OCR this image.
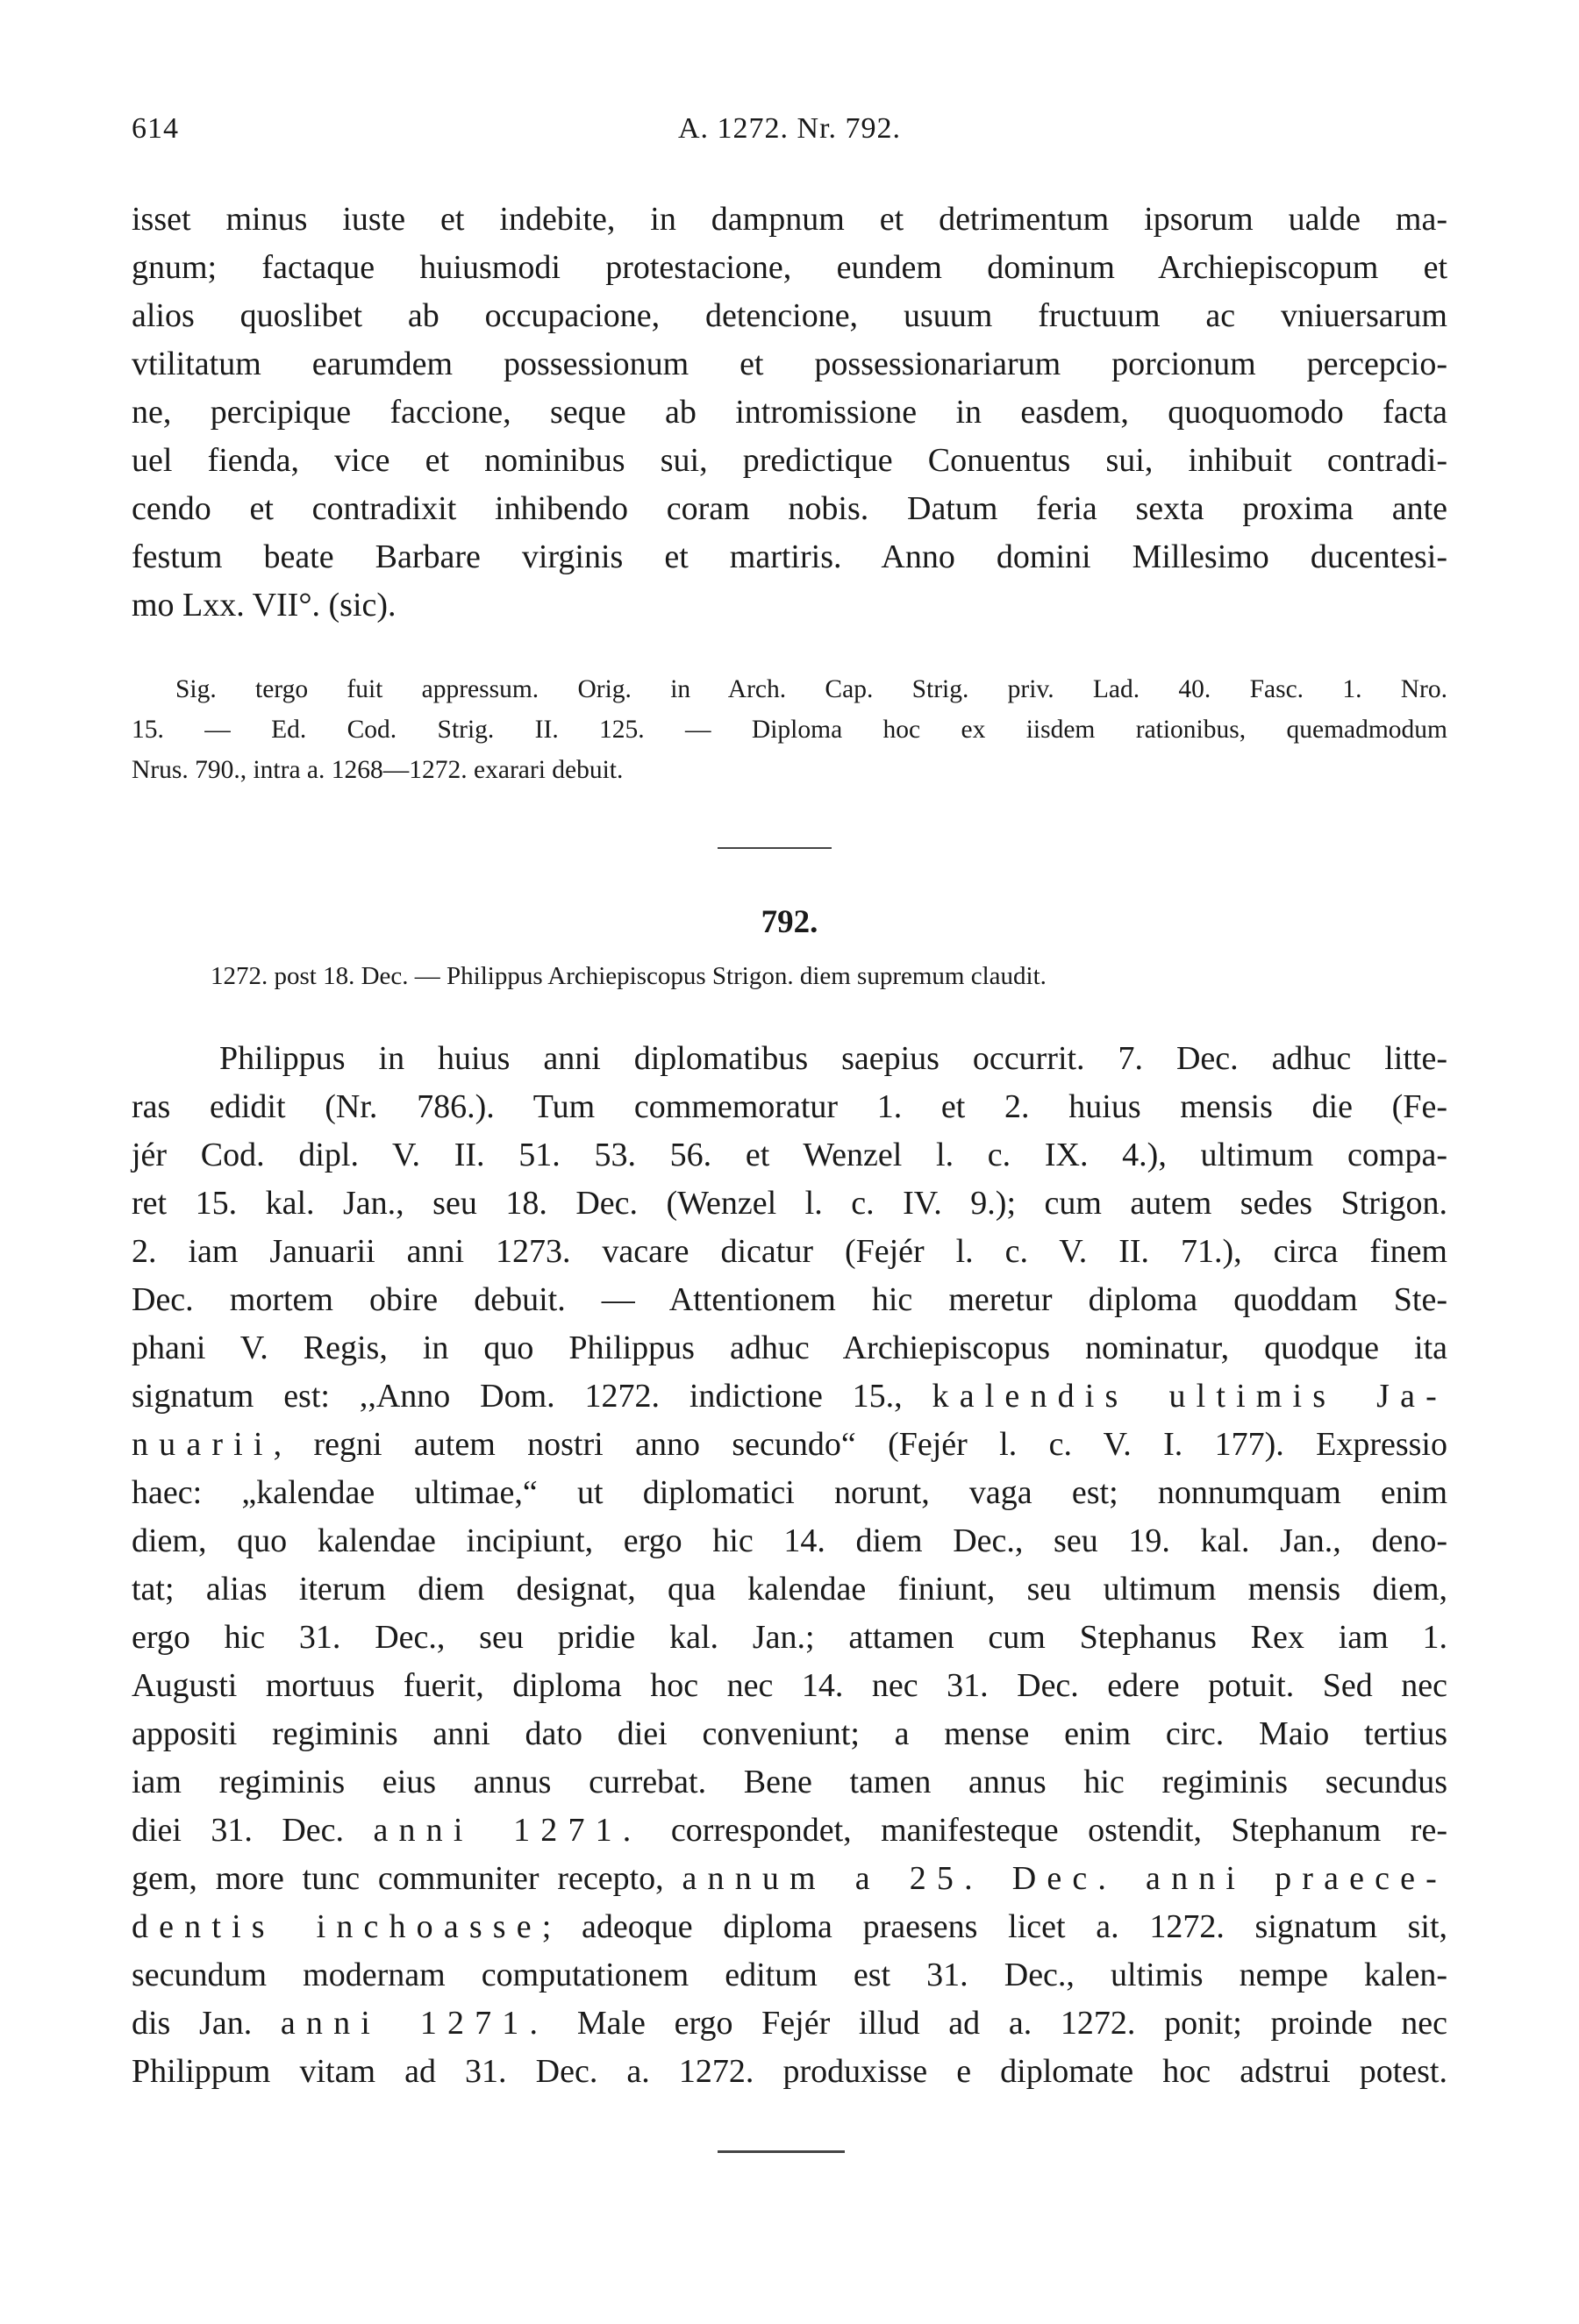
614	A. 1272. Nr. 792.
isset minus iuste et indebite, in dampnum et detrimentum ipsorum ualde ma-
gnum; factaque huiusmodi protestacione, eundem dominum Archiepiscopum et
alios quoslibet ab occupacione, detencione, usuum fructuum ac vniuersarum
vtilitatum earumdem possessionum et possessionariarum porcionum percepcio-
ne, percipique faccione, seque ab intromissione in easdem, quoquomodo facta
uel fienda, vice et nominibus sui, predictique Conuentus sui, inhibuit contradi-
cendo et contradixit inhibendo coram nobis. Datum feria sexta proxima ante
festum beate Barbare virginis et martiris. Anno domini Millesimo ducentesi-
mo Lxx. VII°. (sic).
Sig. tergo fuit appressum. Orig. in Arch. Cap. Strig. priv. Lad. 40. Fasc. 1. Nro.
15. — Ed. Cod. Strig. II. 125. — Diploma hoc ex iisdem rationibus, quemadmodum
Nrus. 790., intra a. 1268—1272. exarari debuit.
792.
1272. post 18. Dec. — Philippus Archiepiscopus Strigon. diem supremum claudit.
Philippus in huius anni diplomatibus saepius occurrit. 7. Dec. adhuc litte-
ras edidit (Nr. 786.). Tum commemoratur 1. et 2. huius mensis die (Fe-
jér Cod. dipl. V. II. 51. 53. 56. et Wenzel l. c. IX. 4.), ultimum compa-
ret 15. kal. Jan., seu 18. Dec. (Wenzel l. c. IV. 9.); cum autem sedes Strigon.
2. iam Januarii anni 1273. vacare dicatur (Fejér l. c. V. II. 71.), circa finem
Dec. mortem obire debuit. — Attentionem hic meretur diploma quoddam Ste-
phani V. Regis, in quo Philippus adhuc Archiepiscopus nominatur, quodque ita
signatum est: ,,Anno Dom. 1272. indictione 15., kalendis ultimis Ja-
nuarii, regni autem nostri anno secundo“ (Fejér l. c. V. I. 177). Expressio
haec: „kalendae ultimae,“ ut diplomatici norunt, vaga est; nonnumquam enim
diem, quo kalendae incipiunt, ergo hic 14. diem Dec., seu 19. kal. Jan., deno-
tat; alias iterum diem designat, qua kalendae finiunt, seu ultimum mensis diem,
ergo hic 31. Dec., seu pridie kal. Jan.; attamen cum Stephanus Rex iam 1.
Augusti mortuus fuerit, diploma hoc nec 14. nec 31. Dec. edere potuit. Sed nec
appositi regiminis anni dato diei conveniunt; a mense enim circ. Maio tertius
iam regiminis eius annus currebat. Bene tamen annus hic regiminis secundus
diei 31. Dec. anni 1271. correspondet, manifesteque ostendit, Stephanum re-
gem, more tunc communiter recepto, annum a 25. Dec. anni praece-
dentis inchoasse; adeoque diploma praesens licet a. 1272. signatum sit,
secundum modernam computationem editum est 31. Dec., ultimis nempe kalen-
dis Jan. anni 1271. Male ergo Fejér illud ad a. 1272. ponit; proinde nec
Philippum vitam ad 31. Dec. a. 1272. produxisse e diplomate hoc adstrui potest.
